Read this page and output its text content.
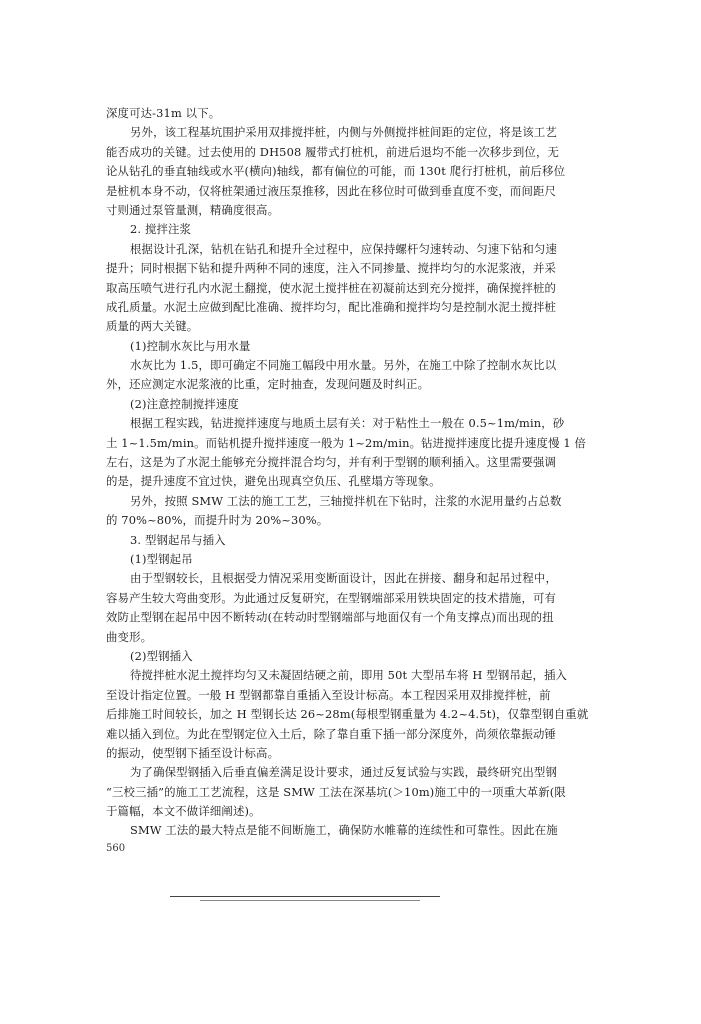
深度可达-31m 以下。
另外，该工程基坑围护采用双排搅拌桩，内侧与外侧搅拌桩间距的定位，将是该工艺
能否成功的关键。过去使用的 DH508 履带式打桩机，前进后退均不能一次移步到位，无
论从钻孔的垂直轴线或水平(横向)轴线，都有偏位的可能，而 130t 爬行打桩机，前后移位
是桩机本身不动，仅将桩架通过液压泵推移，因此在移位时可做到垂直度不变，而间距尺
寸则通过泵管量测，精确度很高。
2. 搅拌注浆
根据设计孔深，钻机在钻孔和提升全过程中，应保持螺杆匀速转动、匀速下钻和匀速
提升；同时根据下钻和提升两种不同的速度，注入不同掺量、搅拌均匀的水泥浆液，并采
取高压喷气进行孔内水泥土翻搅，使水泥土搅拌桩在初凝前达到充分搅拌，确保搅拌桩的
成孔质量。水泥土应做到配比准确、搅拌均匀，配比准确和搅拌均匀是控制水泥土搅拌桩
质量的两大关键。
(1)控制水灰比与用水量
水灰比为 1.5，即可确定不同施工幅段中用水量。另外，在施工中除了控制水灰比以
外，还应测定水泥浆液的比重，定时抽查，发现问题及时纠正。
(2)注意控制搅拌速度
根据工程实践，钻进搅拌速度与地质土层有关：对于粘性土一般在 0.5~1m/min，砂
土 1~1.5m/min。而钻机提升搅拌速度一般为 1~2m/min。钻进搅拌速度比提升速度慢 1 倍
左右，这是为了水泥土能够充分搅拌混合均匀，并有利于型钢的顺利插入。这里需要强调
的是，提升速度不宜过快，避免出现真空负压、孔壁塌方等现象。
另外，按照 SMW 工法的施工工艺，三轴搅拌机在下钻时，注浆的水泥用量约占总数
的 70%~80%，而提升时为 20%~30%。
3. 型钢起吊与插入
(1)型钢起吊
由于型钢较长，且根据受力情况采用变断面设计，因此在拼接、翻身和起吊过程中，
容易产生较大弯曲变形。为此通过反复研究，在型钢端部采用铁块固定的技术措施，可有
效防止型钢在起吊中因不断转动(在转动时型钢端部与地面仅有一个角支撑点)而出现的扭
曲变形。
(2)型钢插入
待搅拌桩水泥土搅拌均匀又未凝固结硬之前，即用 50t 大型吊车将 H 型钢吊起，插入
至设计指定位置。一般 H 型钢都靠自重插入至设计标高。本工程因采用双排搅拌桩，前
后排施工时间较长，加之 H 型钢长达 26~28m(每根型钢重量为 4.2~4.5t)，仅靠型钢自重就
难以插入到位。为此在型钢定位入土后，除了靠自重下插一部分深度外，尚须依靠振动锤
的振动，使型钢下插至设计标高。
为了确保型钢插入后垂直偏差满足设计要求，通过反复试验与实践，最终研究出型钢
“三校三插”的施工工艺流程，这是 SMW 工法在深基坑(＞10m)施工中的一项重大革新(限
于篇幅，本文不做详细阐述)。
SMW 工法的最大特点是能不间断施工，确保防水帷幕的连续性和可靠性。因此在施
560
